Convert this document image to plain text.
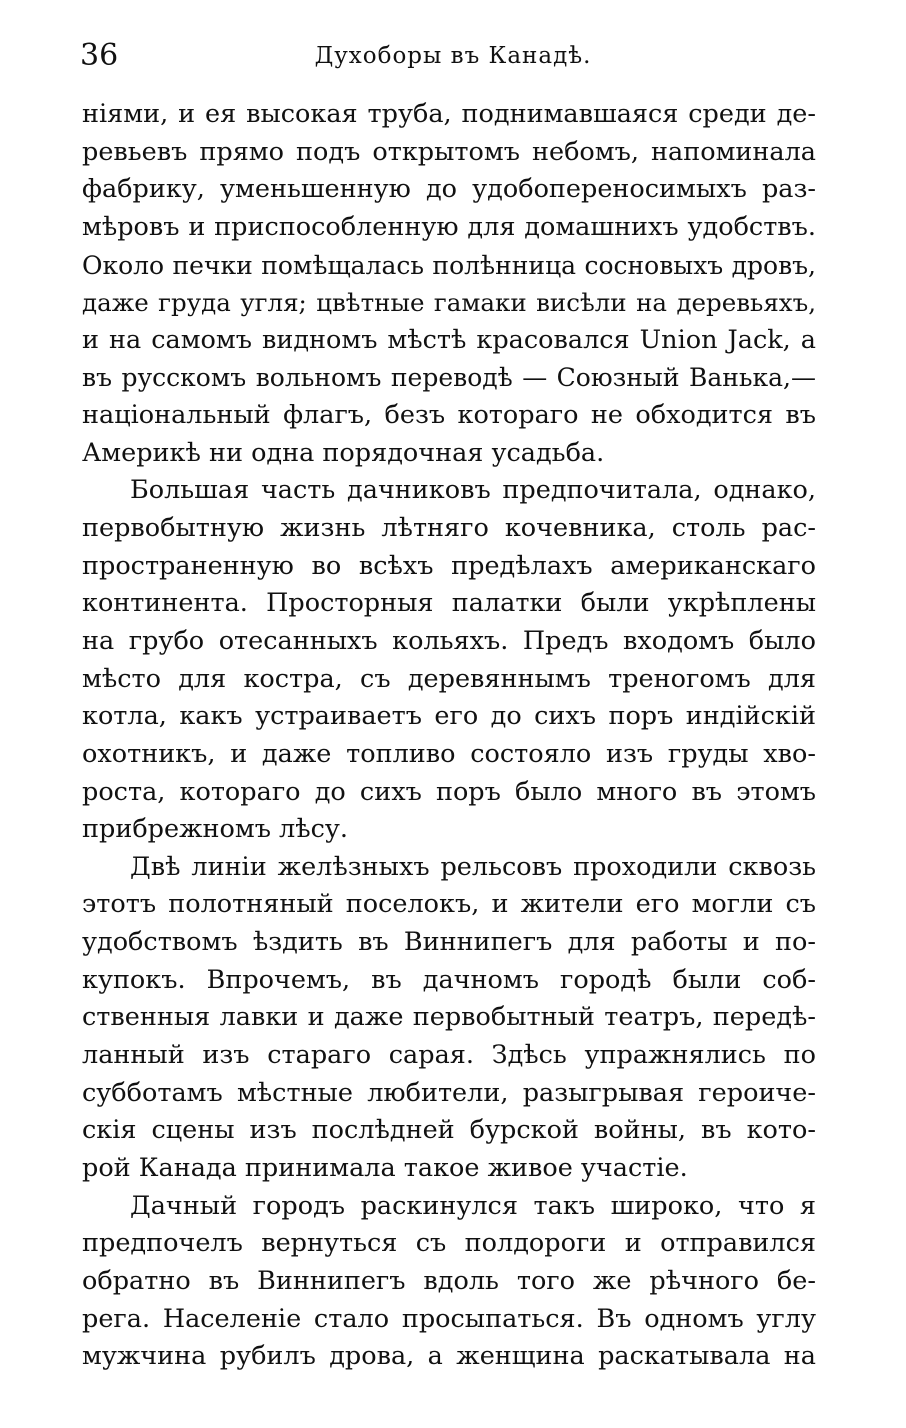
36	Духоборы въ Канадѣ.
ніями, и ея высокая труба, поднимавшаяся среди де-
ревьевъ прямо подъ открытомъ небомъ, напоминала
фабрику, уменьшенную до удобопереносимыхъ раз-
мѣровъ и приспособленную для домашнихъ удобствъ.
Около печки помѣщалась полѣнница сосновыхъ дровъ,
даже груда угля; цвѣтные гамаки висѣли на деревьяхъ,
и на самомъ видномъ мѣстѣ красовался Union Jack, а
въ русскомъ вольномъ переводѣ — Союзный Ванька,—
національный флагъ, безъ котораго не обходится въ
Америкѣ ни одна порядочная усадьба.
Большая часть дачниковъ предпочитала, однако,
первобытную жизнь лѣтняго кочевника, столь рас-
пространенную во всѣхъ предѣлахъ американскаго
континента. Просторныя палатки были укрѣплены
на грубо отесанныхъ кольяхъ. Предъ входомъ было
мѣсто для костра, съ деревяннымъ треногомъ для
котла, какъ устраиваетъ его до сихъ поръ индійскій
охотникъ, и даже топливо состояло изъ груды хво-
роста, котораго до сихъ поръ было много въ этомъ
прибрежномъ лѣсу.
Двѣ линіи желѣзныхъ рельсовъ проходили сквозь
этотъ полотняный поселокъ, и жители его могли съ
удобствомъ ѣздить въ Виннипегъ для работы и по-
купокъ. Впрочемъ, въ дачномъ городѣ были соб-
ственныя лавки и даже первобытный театръ, передѣ-
ланный изъ стараго сарая. Здѣсь упражнялись по
субботамъ мѣстные любители, разыгрывая героиче-
скія сцены изъ послѣдней бурской войны, въ кото-
рой Канада принимала такое живое участіе.
Дачный городъ раскинулся такъ широко, что я
предпочелъ вернуться съ полдороги и отправился
обратно въ Виннипегъ вдоль того же рѣчного бе-
рега. Населеніе стало просыпаться. Въ одномъ углу
мужчина рубилъ дрова, а женщина раскатывала на
